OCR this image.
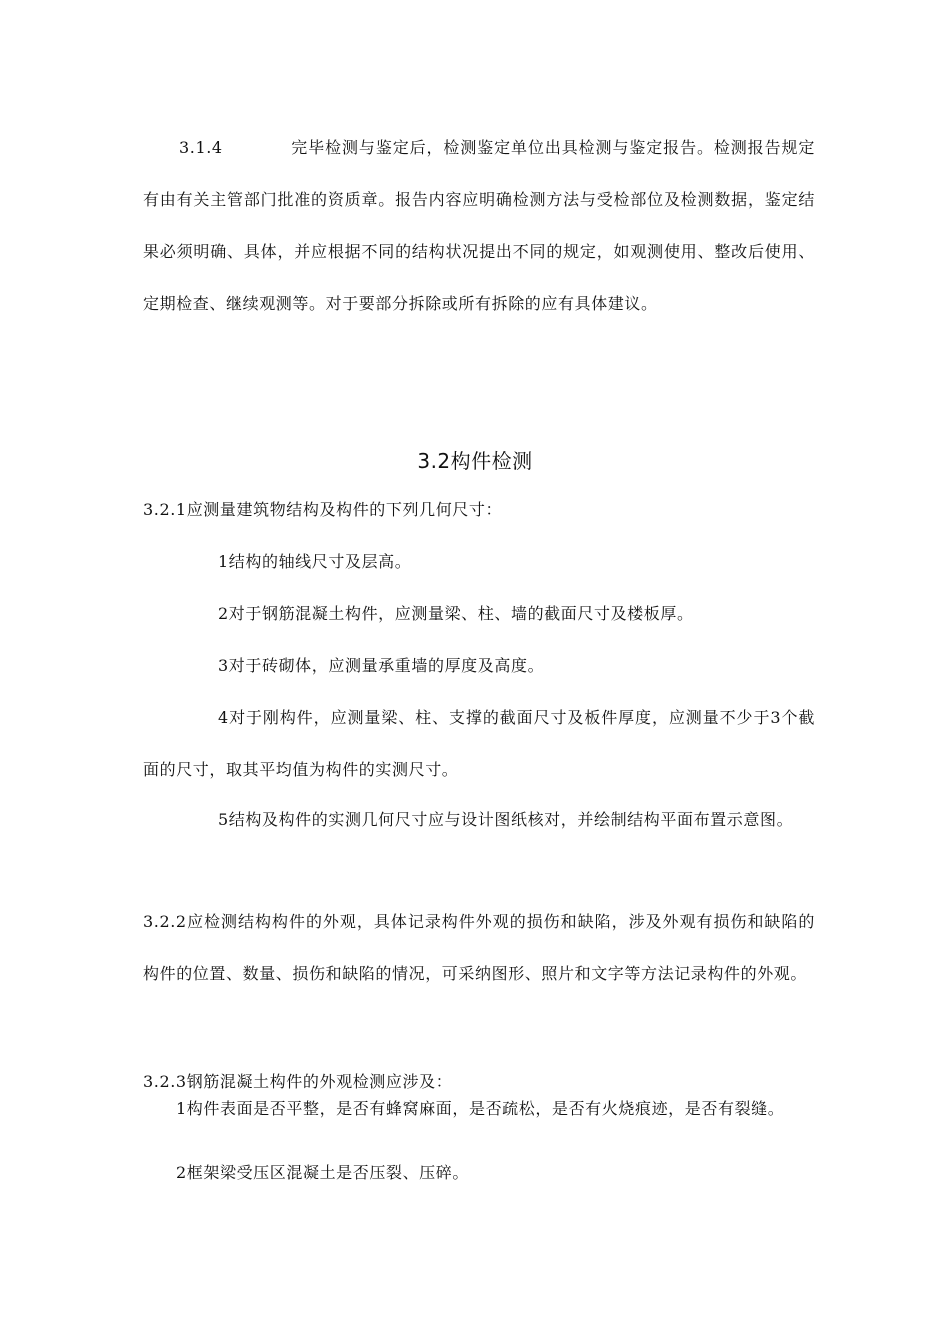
3.1.4	完毕检测与鉴定后，检测鉴定单位出具检测与鉴定报告。检测报告规定有由有关主管部门批准的资质章。报告内容应明确检测方法与受检部位及检测数据，鉴定结果必须明确、具体，并应根据不同的结构状况提出不同的规定，如观测使用、整改后使用、定期检查、继续观测等。对于要部分拆除或所有拆除的应有具体建议。

3.2构件检测

3.2.1应测量建筑物结构及构件的下列几何尺寸：

1结构的轴线尺寸及层高。

2对于钢筋混凝土构件，应测量梁、柱、墙的截面尺寸及楼板厚。

3对于砖砌体，应测量承重墙的厚度及高度。

4对于刚构件，应测量梁、柱、支撑的截面尺寸及板件厚度，应测量不少于3个截面的尺寸，取其平均值为构件的实测尺寸。

5结构及构件的实测几何尺寸应与设计图纸核对，并绘制结构平面布置示意图。

3.2.2应检测结构构件的外观，具体记录构件外观的损伤和缺陷，涉及外观有损伤和缺陷的构件的位置、数量、损伤和缺陷的情况，可采纳图形、照片和文字等方法记录构件的外观。

3.2.3钢筋混凝土构件的外观检测应涉及：

1构件表面是否平整，是否有蜂窝麻面，是否疏松，是否有火烧痕迹，是否有裂缝。

2框架梁受压区混凝土是否压裂、压碎。
